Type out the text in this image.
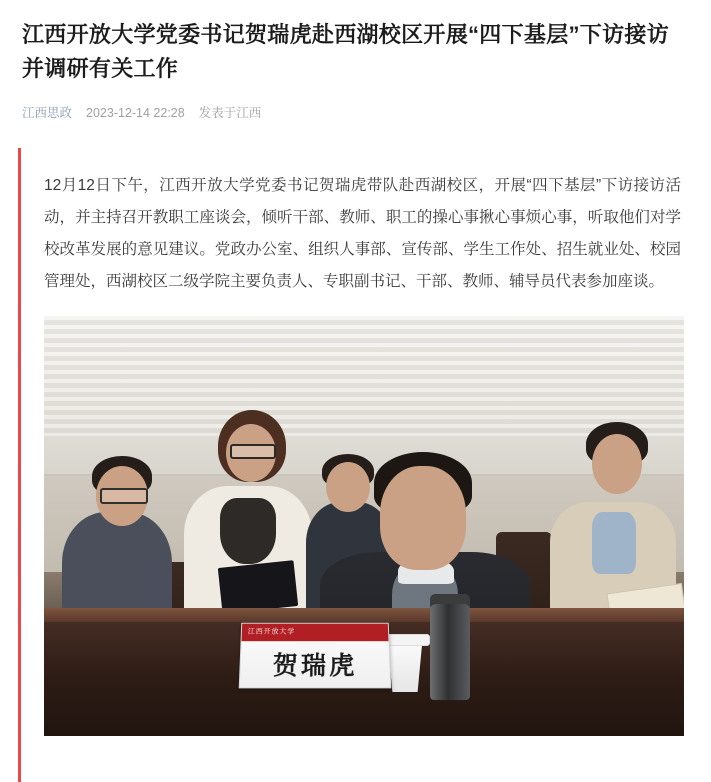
江西开放大学党委书记贺瑞虎赴西湖校区开展“四下基层”下访接访并调研有关工作
江西思政 2023-12-14 22:28 发表于江西

12月12日下午，江西开放大学党委书记贺瑞虎带队赴西湖校区，开展“四下基层”下访接访活动，并主持召开教职工座谈会，倾听干部、教师、职工的操心事揪心事烦心事，听取他们对学校改革发展的意见建议。党政办公室、组织人事部、宣传部、学生工作处、招生就业处、校园管理处，西湖校区二级学院主要负责人、专职副书记、干部、教师、辅导员代表参加座谈。

江西开放大学
贺瑞虎
